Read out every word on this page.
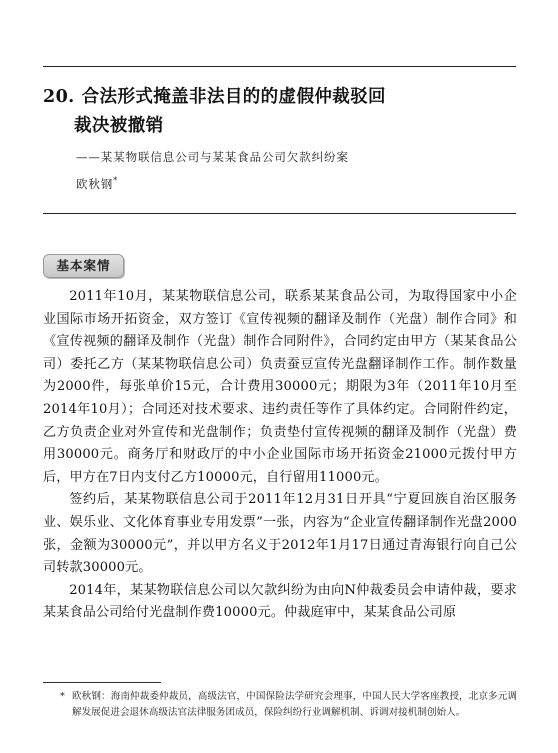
20. 合法形式掩盖非法目的的虚假仲裁驳回
裁决被撤销
——某某物联信息公司与某某食品公司欠款纠纷案
欧秋钢*
基本案情

2011年10月，某某物联信息公司，联系某某食品公司，为取得国家中小企业国际市场开拓资金，双方签订《宣传视频的翻译及制作（光盘）制作合同》和《宣传视频的翻译及制作（光盘）制作合同附件》，合同约定由甲方（某某食品公司）委托乙方（某某物联信息公司）负责蚕豆宣传光盘翻译制作工作。制作数量为2000件，每张单价15元，合计费用30000元；期限为3年（2011年10月至2014年10月）；合同还对技术要求、违约责任等作了具体约定。合同附件约定，乙方负责企业对外宣传和光盘制作；负责垫付宣传视频的翻译及制作（光盘）费用30000元。商务厅和财政厅的中小企业国际市场开拓资金21000元拨付甲方后，甲方在7日内支付乙方10000元，自行留用11000元。

签约后，某某物联信息公司于2011年12月31日开具“宁夏回族自治区服务业、娱乐业、文化体育事业专用发票”一张，内容为“企业宣传翻译制作光盘2000张，金额为30000元”，并以甲方名义于2012年1月17日通过青海银行向自己公司转款30000元。

2014年，某某物联信息公司以欠款纠纷为由向N仲裁委员会申请仲裁，要求某某食品公司给付光盘制作费10000元。仲裁庭审中，某某食品公司原

* 欧秋钢：海南仲裁委仲裁员，高级法官，中国保险法学研究会理事，中国人民大学客座教授，北京多元调解发展促进会退休高级法官法律服务团成员，保险纠纷行业调解机制、诉调对接机制创始人。
